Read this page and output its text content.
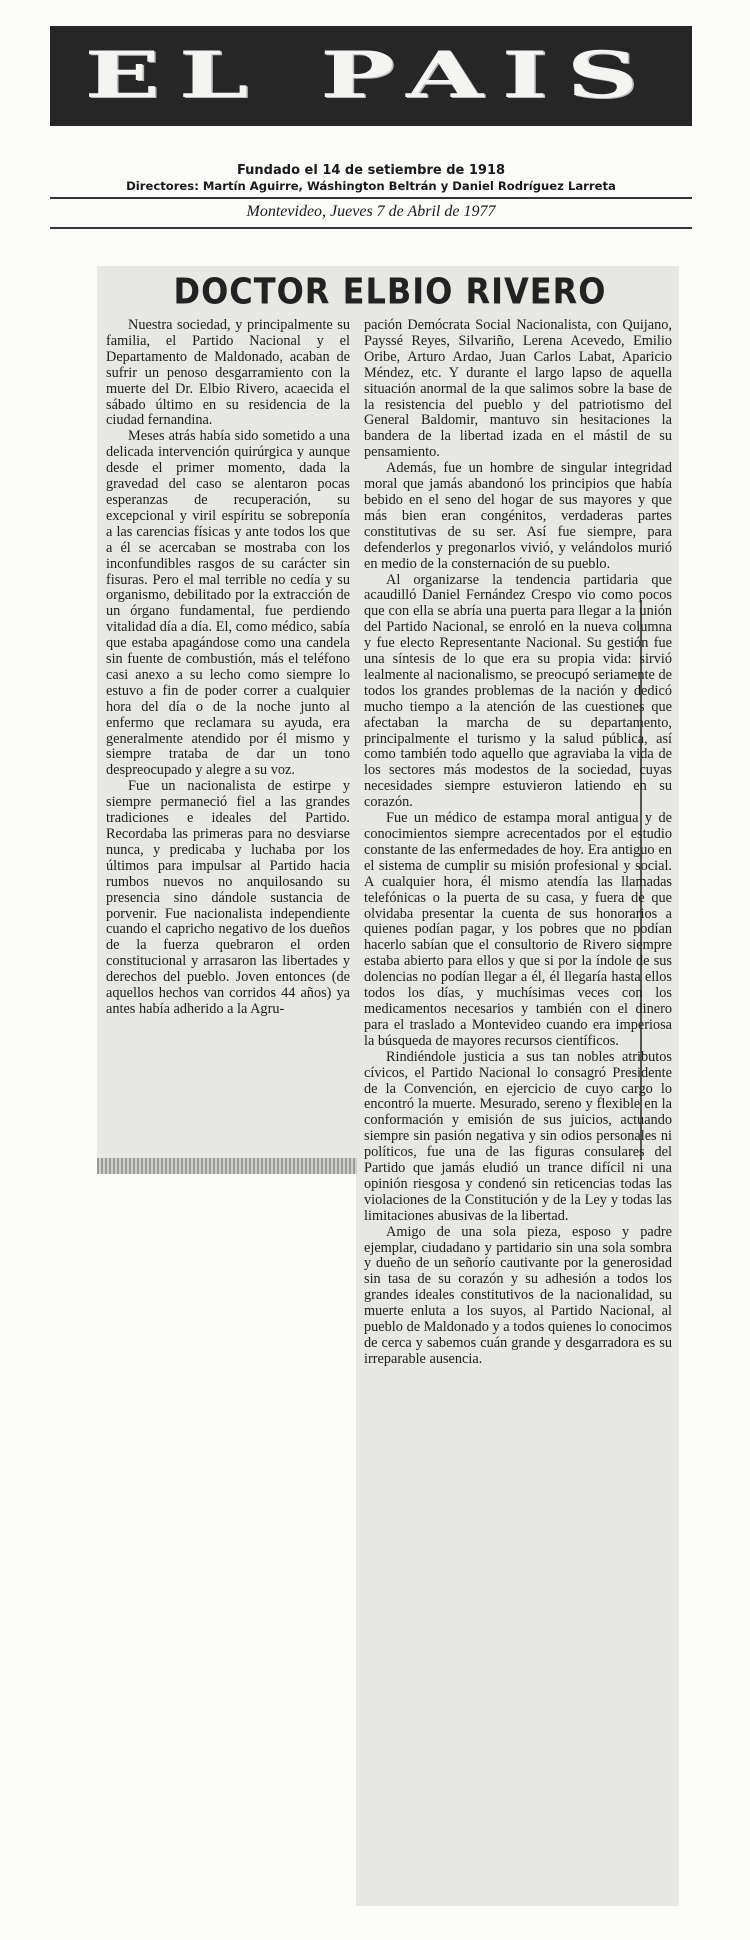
EL PAIS
Fundado el 14 de setiembre de 1918
Directores: Martín Aguirre, Wáshington Beltrán y Daniel Rodríguez Larreta
Montevideo, Jueves 7 de Abril de 1977
DOCTOR ELBIO RIVERO

Nuestra sociedad, y principalmente su familia, el Partido Nacional y el Departamento de Maldonado, acaban de sufrir un penoso desgarramiento con la muerte del Dr. Elbio Rivero, acaecida el sábado último en su residencia de la ciudad fernandina.

Meses atrás había sido sometido a una delicada intervención quirúrgica y aunque desde el primer momento, dada la gravedad del caso se alentaron pocas esperanzas de recuperación, su excepcional y viril espíritu se sobreponía a las carencias físicas y ante todos los que a él se acercaban se mostraba con los inconfundibles rasgos de su carácter sin fisuras. Pero el mal terrible no cedía y su organismo, debilitado por la extracción de un órgano fundamental, fue perdiendo vitalidad día a día. El, como médico, sabía que estaba apagándose como una candela sin fuente de combustión, más el teléfono casi anexo a su lecho como siempre lo estuvo a fin de poder correr a cualquier hora del día o de la noche junto al enfermo que reclamara su ayuda, era generalmente atendido por él mismo y siempre trataba de dar un tono despreocupado y alegre a su voz.

Fue un nacionalista de estirpe y siempre permaneció fiel a las grandes tradiciones e ideales del Partido. Recordaba las primeras para no desviarse nunca, y predicaba y luchaba por los últimos para impulsar al Partido hacia rumbos nuevos no anquilosando su presencia sino dándole sustancia de porvenir. Fue nacionalista independiente cuando el capricho negativo de los dueños de la fuerza quebraron el orden constitucional y arrasaron las libertades y derechos del pueblo. Joven entonces (de aquellos hechos van corridos 44 años) ya antes había adherido a la Agru-

pación Demócrata Social Nacionalista, con Quijano, Payssé Reyes, Silvariño, Lerena Acevedo, Emilio Oribe, Arturo Ardao, Juan Carlos Labat, Aparicio Méndez, etc. Y durante el largo lapso de aquella situación anormal de la que salimos sobre la base de la resistencia del pueblo y del patriotismo del General Baldomir, mantuvo sin hesitaciones la bandera de la libertad izada en el mástil de su pensamiento.

Además, fue un hombre de singular integridad moral que jamás abandonó los principios que había bebido en el seno del hogar de sus mayores y que más bien eran congénitos, verdaderas partes constitutivas de su ser. Así fue siempre, para defenderlos y pregonarlos vivió, y velándolos murió en medio de la consternación de su pueblo.

Al organizarse la tendencia partidaria que acaudilló Daniel Fernández Crespo vio como pocos que con ella se abría una puerta para llegar a la unión del Partido Nacional, se enroló en la nueva columna y fue electo Representante Nacional. Su gestión fue una síntesis de lo que era su propia vida: sirvió lealmente al nacionalismo, se preocupó seriamente de todos los grandes problemas de la nación y dedicó mucho tiempo a la atención de las cuestiones que afectaban la marcha de su departamento, principalmente el turismo y la salud pública, así como también todo aquello que agraviaba la vida de los sectores más modestos de la sociedad, cuyas necesidades siempre estuvieron latiendo en su corazón.

Fue un médico de estampa moral antigua y de conocimientos siempre acrecentados por el estudio constante de las enfermedades de hoy. Era antiguo en el sistema de cumplir su misión profesional y social. A cualquier hora, él mismo atendía las llamadas telefónicas o la puerta de su casa, y fuera de que olvidaba presentar la cuenta de sus honorarios a quienes podían pagar, y los pobres que no podían hacerlo sabían que el consultorio de Rivero siempre estaba abierto para ellos y que si por la índole de sus dolencias no podían llegar a él, él llegaría hasta ellos todos los días, y muchísimas veces con los medicamentos necesarios y también con el dinero para el traslado a Montevideo cuando era imperiosa la búsqueda de mayores recursos científicos.

Rindiéndole justicia a sus tan nobles atributos cívicos, el Partido Nacional lo consagró Presidente de la Convención, en ejercicio de cuyo cargo lo encontró la muerte. Mesurado, sereno y flexible en la conformación y emisión de sus juicios, actuando siempre sin pasión negativa y sin odios personales ni políticos, fue una de las figuras consulares del Partido que jamás eludió un trance difícil ni una opinión riesgosa y condenó sin reticencias todas las violaciones de la Constitución y de la Ley y todas las limitaciones abusivas de la libertad.

Amigo de una sola pieza, esposo y padre ejemplar, ciudadano y partidario sin una sola sombra y dueño de un señorío cautivante por la generosidad sin tasa de su corazón y su adhesión a todos los grandes ideales constitutivos de la nacionalidad, su muerte enluta a los suyos, al Partido Nacional, al pueblo de Maldonado y a todos quienes lo conocimos de cerca y sabemos cuán grande y desgarradora es su irreparable ausencia.
